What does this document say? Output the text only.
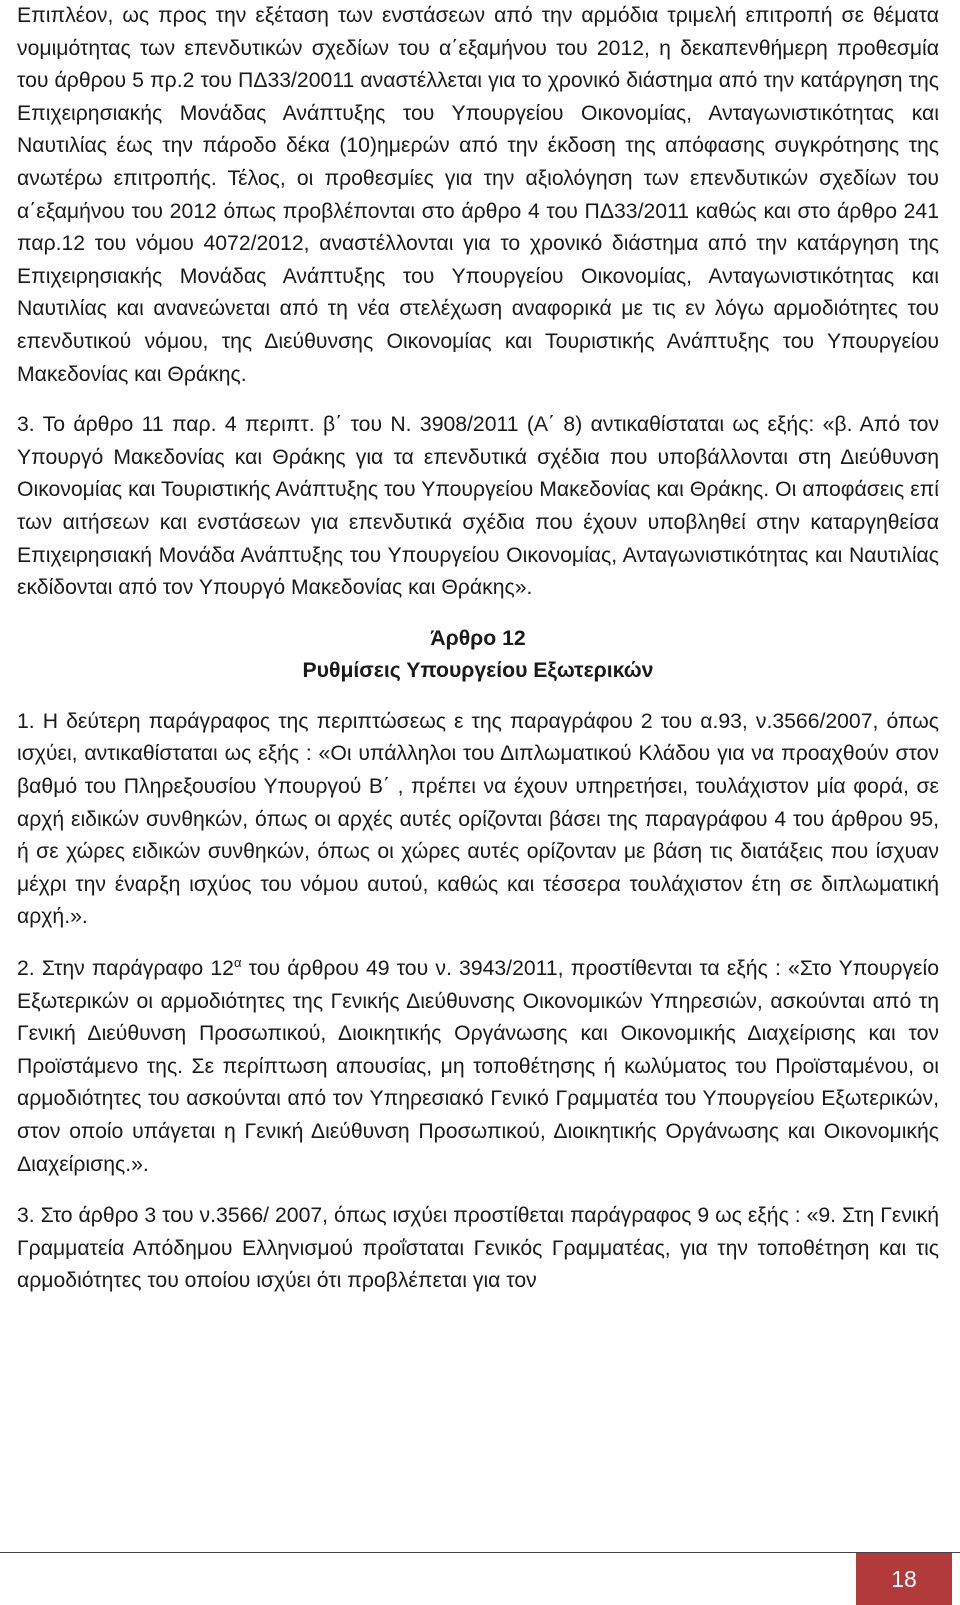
Επιπλέον, ως προς την εξέταση των ενστάσεων από την αρμόδια τριμελή επιτροπή σε θέματα νομιμότητας των επενδυτικών σχεδίων του α΄εξαμήνου του 2012, η δεκαπενθήμερη προθεσμία του άρθρου 5 πρ.2 του ΠΔ33/20011 αναστέλλεται για το χρονικό διάστημα από την κατάργηση της Επιχειρησιακής Μονάδας Ανάπτυξης του Υπουργείου Οικονομίας, Ανταγωνιστικότητας και Ναυτιλίας έως την πάροδο δέκα (10)ημερών από την έκδοση της απόφασης συγκρότησης της ανωτέρω επιτροπής. Τέλος, οι προθεσμίες για την αξιολόγηση των επενδυτικών σχεδίων του α΄εξαμήνου του 2012 όπως προβλέπονται στο άρθρο 4 του ΠΔ33/2011 καθώς και στο άρθρο 241 παρ.12 του νόμου 4072/2012, αναστέλλονται για το χρονικό διάστημα από την κατάργηση της Επιχειρησιακής Μονάδας Ανάπτυξης του Υπουργείου Οικονομίας, Ανταγωνιστικότητας και Ναυτιλίας και ανανεώνεται από τη νέα στελέχωση αναφορικά με τις εν λόγω αρμοδιότητες του επενδυτικού νόμου, της Διεύθυνσης Οικονομίας και Τουριστικής Ανάπτυξης του Υπουργείου Μακεδονίας και Θράκης.

3. Το άρθρο 11 παρ. 4 περιπτ. β΄ του Ν. 3908/2011 (Α΄ 8) αντικαθίσταται ως εξής: «β. Από τον Υπουργό Μακεδονίας και Θράκης για τα επενδυτικά σχέδια που υποβάλλονται στη Διεύθυνση Οικονομίας και Τουριστικής Ανάπτυξης του Υπουργείου Μακεδονίας και Θράκης. Οι αποφάσεις επί των αιτήσεων και ενστάσεων για επενδυτικά σχέδια που έχουν υποβληθεί στην καταργηθείσα Επιχειρησιακή Μονάδα Ανάπτυξης του Υπουργείου Οικονομίας, Ανταγωνιστικότητας και Ναυτιλίας εκδίδονται από τον Υπουργό Μακεδονίας και Θράκης».

Άρθρο 12

Ρυθμίσεις Υπουργείου Εξωτερικών

1. Η δεύτερη παράγραφος της περιπτώσεως ε της παραγράφου 2 του α.93, ν.3566/2007, όπως ισχύει, αντικαθίσταται ως εξής : «Οι υπάλληλοι του Διπλωματικού Κλάδου για να προαχθούν στον βαθμό του Πληρεξουσίου Υπουργού Β΄ , πρέπει να έχουν υπηρετήσει, τουλάχιστον μία φορά, σε αρχή ειδικών συνθηκών, όπως οι αρχές αυτές ορίζονται βάσει της παραγράφου 4 του άρθρου 95, ή σε χώρες ειδικών συνθηκών, όπως οι χώρες αυτές ορίζονταν με βάση τις διατάξεις που ίσχυαν μέχρι την έναρξη ισχύος του νόμου αυτού, καθώς και τέσσερα τουλάχιστον έτη σε διπλωματική αρχή.».

2. Στην παράγραφο $12^\alpha$ του άρθρου 49 του ν. 3943/2011, προστίθενται τα εξής : «Στο Υπουργείο Εξωτερικών οι αρμοδιότητες της Γενικής Διεύθυνσης Οικονομικών Υπηρεσιών, ασκούνται από τη Γενική Διεύθυνση Προσωπικού, Διοικητικής Οργάνωσης και Οικονομικής Διαχείρισης και τον Προϊστάμενο της. Σε περίπτωση απουσίας, μη τοποθέτησης ή κωλύματος του Προϊσταμένου, οι αρμοδιότητες του ασκούνται από τον Υπηρεσιακό Γενικό Γραμματέα του Υπουργείου Εξωτερικών, στον οποίο υπάγεται η Γενική Διεύθυνση Προσωπικού, Διοικητικής Οργάνωσης και Οικονομικής Διαχείρισης.».

3. Στο άρθρο 3 του ν.3566/ 2007, όπως ισχύει προστίθεται παράγραφος 9 ως εξής : «9. Στη Γενική Γραμματεία Απόδημου Ελληνισμού προΐσταται Γενικός Γραμματέας, για την τοποθέτηση και τις αρμοδιότητες του οποίου ισχύει ότι προβλέπεται για τον

18
